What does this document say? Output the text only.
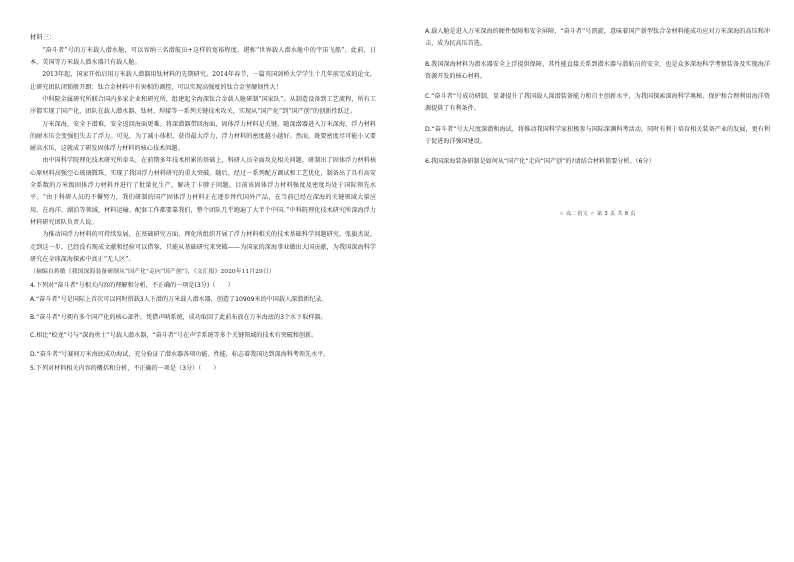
材料三：

“奋斗者”号的万米载人潜水舱，可以容纳三名潜航员+这样的宽裕程度，堪称“世界载人潜水舱中的宇宙飞船”。此前，日本、美国等万米载人潜水器只有载人舱。

2013年起，国家开始启用万米载人潜器用钛材料的先期研究。2014年春节，一篇英国剑桥大学学生十几年前完成的论文，让研究团队闭锁般开朗：钛合金材料中有害相的调控，可以实现高强度的钛合金坚硬韧性大！

中科院金属研究所联合国内多家企业和研究所，组建起全海深钛合金载人舱研制“国家队”。从制造设备到工艺流程，所有工序都实现了国产化，团队在载人潜水器、钛材、焊接等一系列关键技术攻关，实现从“国产化”到“国产创”的创新性跃迁。

万米深海，安全下潜难，安全返回海面更难。将深潜器带回海面，固体浮力材料是关键。随深潜器进入万米深海，浮力材料的耐水压会变强但失去了浮力。可见，为了减小体积、获得最大浮力，浮力材料的密度越小越好。然而，既要密度尽可能小又要耐高水压，这就成了研发固体浮力材料的核心技术问题。

由中国科学院理化技术研究所牵头，在前期多年技术积累的基础上，科研人员全面攻克相关问题，研制出了固体浮力材料核心原材料高强空心玻璃微珠，实现了我国浮力材料研究的重大突破。随后，经过一系列配方调试和工艺优化，制备出了具有高安全系数的万米级固体浮力材料并进行了批量化生产，解决了卡脖子问题。目前该固体浮力材料强度及密度均处于国际领先水平。“由于科研人员的不懈努力，我们研制的国产固体浮力材料正在逐步替代国外产品，在当前已经在深海的关键领域大量应用，在海洋、湖泊等领域，材料运输、配套工作都要靠我们，整个团队几乎跑遍了大半个中国。”中科院理化技术研究所深海浮力材料研究团队负责人说。

为推动国浮力材料的可持续发展，在基础研究方面，理化所组织开展了浮力材料相关的技术基础科学问题研究。张旗杰说，走到这一步，已经没有现成文献和经验可以借鉴，只能从基础研究来突破——为国家的深海事业做出大国贡献，为我国深海科学研究在全球深海探索中真正“无人区”。

（摘编自蒋敏《我国深海装备研制从“国产化”走向“国产创”》，《文汇报》2020年11月29日）

4.下列对“奋斗者”号相关内容的理解和分析，不正确的一项是(3分)（　　）

A.“奋斗者”号是国际上首次可以同时搭载3人下潜的万米载人潜水器，创造了10909米的中国载人深潜新纪录。

B.“奋斗者”号拥有多个国产化的核心部件，凭借声呐系统，成功取回了此前布放在万米海底的3个水下取样器。

C.相比“蛟龙”号与“深海勇士”号载人潜水器，“奋斗者”号在声学系统等多个关键领域的技术有突破和创新。

D.“奋斗者”号赛间万米海底成功海试，充分验证了潜水器各项功能、性能，标志着我国达到深海科考领先水平。

5.下列对材料相关内容的概括和分析，不正确的一项是（3分）（　　）

A.载人舱是进入万米深海的硬件保障和安全屏障，“奋斗者”号凯旋，意味着国产新型钛合金材料能成功应对万米深海的高压和冲击，成为抗高压首选。

B.我国深海材料为潜水器安全上浮提供保障，其性能直接关系到潜水器与潜航员的安全，也是众多深海科学考察装备及实现海洋资源开发的核心材料。

C.“奋斗者”号成功研制，显著提升了我国载人深潜装备能力和自主创新水平，为我国探索深海科学奥秘、保护和合理利用海洋资源提供了有利条件。

D.“奋斗者”号大尺度深潜和海试，将推动我国科学家积极参与国际深渊科考活动，同时有利于培育相关装备产业的发展，更有利于促进海洋强国建设。

6.我国深海装备研制是如何从“国产化”走向“国产创”的?请结合材料简要分析。（6分）

☆ 高二语文 ☆ 第 3 页 共 8 页
